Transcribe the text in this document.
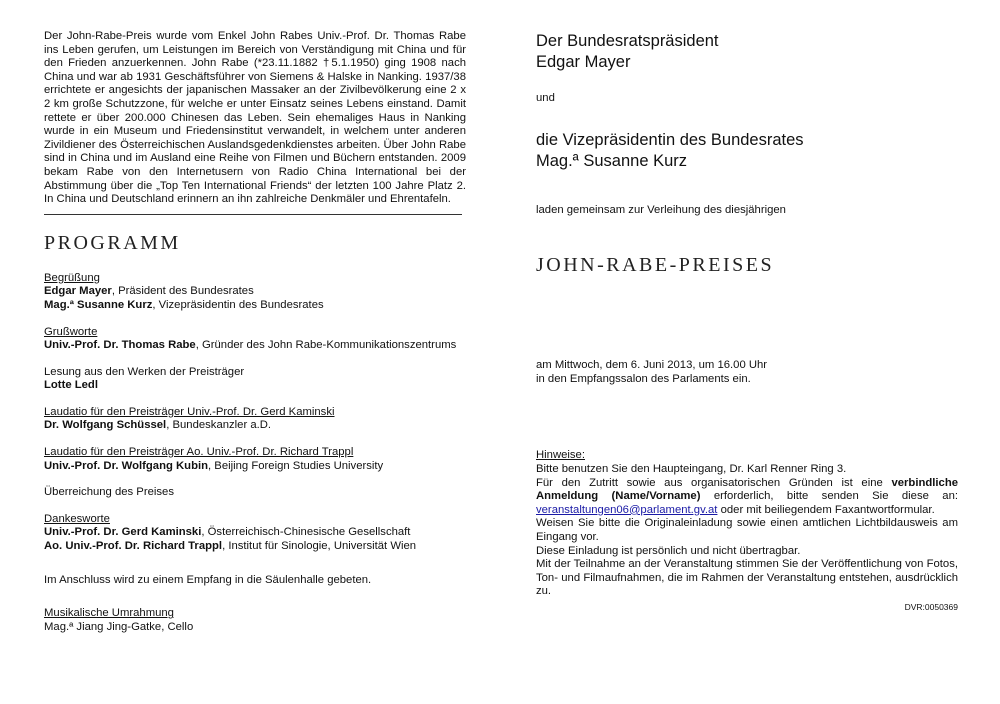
Der John-Rabe-Preis wurde vom Enkel John Rabes Univ.-Prof. Dr. Thomas Rabe ins Leben gerufen, um Leistungen im Bereich von Verständigung mit China und für den Frieden anzuerkennen. John Rabe (*23.11.1882 †5.1.1950) ging 1908 nach China und war ab 1931 Geschäftsführer von Siemens & Halske in Nanking. 1937/38 errichtete er angesichts der japanischen Massaker an der Zivilbevölkerung eine 2 x 2 km große Schutzzone, für welche er unter Einsatz seines Lebens einstand. Damit rettete er über 200.000 Chinesen das Leben. Sein ehemaliges Haus in Nanking wurde in ein Museum und Friedensinstitut verwandelt, in welchem unter anderen Zivildiener des Österreichischen Auslandsgedenkdienstes arbeiten. Über John Rabe sind in China und im Ausland eine Reihe von Filmen und Büchern entstanden. 2009 bekam Rabe von den Internetusern von Radio China International bei der Abstimmung über die „Top Ten International Friends“ der letzten 100 Jahre Platz 2. In China und Deutschland erinnern an ihn zahlreiche Denkmäler und Ehrentafeln.
PROGRAMM
Begrüßung
Edgar Mayer, Präsident des Bundesrates
Mag.ª Susanne Kurz, Vizepräsidentin des Bundesrates
Grußworte
Univ.-Prof. Dr. Thomas Rabe, Gründer des John Rabe-Kommunikationszentrums
Lesung aus den Werken der Preisträger
Lotte Ledl
Laudatio für den Preisträger Univ.-Prof. Dr. Gerd Kaminski
Dr. Wolfgang Schüssel, Bundeskanzler a.D.
Laudatio für den Preisträger Ao. Univ.-Prof. Dr. Richard Trappl
Univ.-Prof. Dr. Wolfgang Kubin, Beijing Foreign Studies University
Überreichung des Preises
Dankesworte
Univ.-Prof. Dr. Gerd Kaminski, Österreichisch-Chinesische Gesellschaft
Ao. Univ.-Prof. Dr. Richard Trappl, Institut für Sinologie, Universität Wien
Im Anschluss wird zu einem Empfang in die Säulenhalle gebeten.
Musikalische Umrahmung
Mag.ª Jiang Jing-Gatke, Cello
Der Bundesratspräsident
Edgar Mayer
und
die Vizepräsidentin des Bundesrates
Mag.ª Susanne Kurz
laden gemeinsam zur Verleihung des diesjährigen
JOHN-RABE-PREISES
am Mittwoch, dem 6. Juni 2013, um 16.00 Uhr
in den Empfangssalon des Parlaments ein.
Hinweise:
Bitte benutzen Sie den Haupteingang, Dr. Karl Renner Ring 3.
Für den Zutritt sowie aus organisatorischen Gründen ist eine verbindliche Anmeldung (Name/Vorname) erforderlich, bitte senden Sie diese an: veranstaltungen06@parlament.gv.at oder mit beiliegendem Faxantwortformular.
Weisen Sie bitte die Originaleinladung sowie einen amtlichen Lichtbildausweis am Eingang vor.
Diese Einladung ist persönlich und nicht übertragbar.
Mit der Teilnahme an der Veranstaltung stimmen Sie der Veröffentlichung von Fotos, Ton- und Filmaufnahmen, die im Rahmen der Veranstaltung entstehen, ausdrücklich zu.
DVR:0050369
